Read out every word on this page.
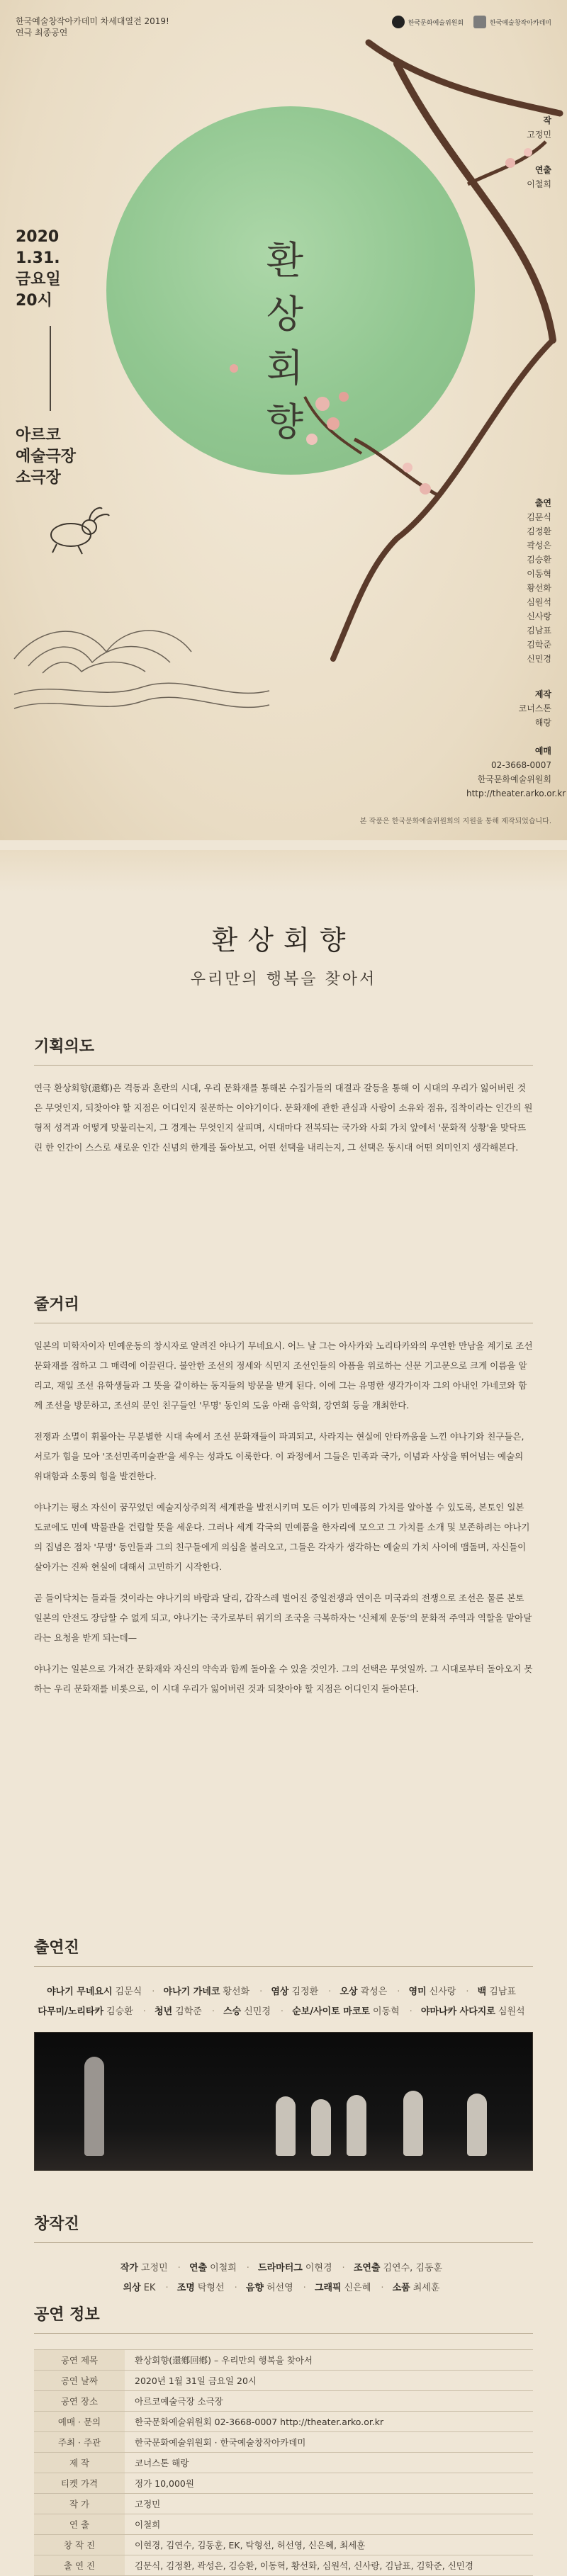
한국예술창작아카데미 차세대열전 2019!
연극 최종공연
한국문화예술위원회	한국예술창작아카데미
환
상
회
향
2020
1.31.
금요일
20시
아르코
예술극장
소극장
작
고정민
연출
이철희
출연
김문식
김정환
곽성은
김승환
이동혁
황선화
심원석
신사랑
김남표
김학준
신민경
제작
코너스톤
해랑
예매
02-3668-0007
한국문화예술위원회
http://theater.arko.or.kr
본 작품은 한국문화예술위원회의 지원을 통해 제작되었습니다.
환상회향

우리만의 행복을 찾아서

기획의도

연극 환상회향(還鄕)은 격동과 혼란의 시대, 우리 문화재를 통해본 수집가들의 대결과 갈등을 통해 이 시대의 우리가 잃어버린 것은 무엇인지, 되찾아야 할 지점은 어디인지 질문하는 이야기이다. 문화재에 관한 관심과 사랑이 소유와 점유, 집착이라는 인간의 원형적 성격과 어떻게 맞물리는지, 그 경계는 무엇인지 살피며, 시대마다 전복되는 국가와 사회 가치 앞에서 '문화적 상황'을 맞닥뜨린 한 인간이 스스로 새로운 인간 신념의 한계를 돌아보고, 어떤 선택을 내리는지, 그 선택은 동시대 어떤 의미인지 생각해본다.

줄거리

일본의 미학자이자 민예운동의 창시자로 알려진 야나기 무네요시. 어느 날 그는 아사카와 노리타카와의 우연한 만남을 계기로 조선 문화재를 접하고 그 매력에 이끌린다. 불안한 조선의 정세와 식민지 조선인들의 아픔을 위로하는 신문 기고문으로 크게 이름을 알리고, 재일 조선 유학생들과 그 뜻을 같이하는 동지들의 방문을 받게 된다. 이에 그는 유명한 생각가이자 그의 아내인 가네코와 함께 조선을 방문하고, 조선의 문인 친구들인 '무명' 동인의 도움 아래 음악회, 강연회 등을 개최한다.

전쟁과 소멸이 휘몰아는 무분별한 시대 속에서 조선 문화재들이 파괴되고, 사라지는 현실에 안타까움을 느낀 야나기와 친구들은, 서로가 힘을 모아 '조선민족미술관'을 세우는 성과도 이룩한다. 이 과정에서 그들은 민족과 국가, 이념과 사상을 뛰어넘는 예술의 위대함과 소통의 힘을 발견한다.

야나기는 평소 자신이 꿈꾸었던 예술지상주의적 세계관을 발전시키며 모든 이가 민예품의 가치를 알아볼 수 있도록, 본토인 일본 도쿄에도 민예 박물관을 건립할 뜻을 세운다. 그러나 세계 각국의 민예품을 한자리에 모으고 그 가치를 소개 및 보존하려는 야나기의 집념은 점차 '무명' 동인들과 그의 친구들에게 의심을 불러오고, 그들은 각자가 생각하는 예술의 가치 사이에 맴돌며, 자신들이 살아가는 진짜 현실에 대해서 고민하기 시작한다.

곧 들이닥치는 들과들 것이라는 야나기의 바람과 달리, 갑작스레 벌어진 중일전쟁과 연이은 미국과의 전쟁으로 조선은 물론 본토 일본의 안전도 장담할 수 없게 되고, 야나기는 국가로부터 위기의 조국을 극복하자는 '신체제 운동'의 문화적 주역과 역할을 맡아달라는 요청을 받게 되는데—

야나기는 일본으로 가져간 문화재와 자신의 약속과 함께 돌아올 수 있을 것인가. 그의 선택은 무엇일까. 그 시대로부터 돌아오지 못하는 우리 문화재를 비롯으로, 이 시대 우리가 잃어버린 것과 되찾아야 할 지점은 어디인지 돌아본다.

출연진
야나기 무네요시 김문식 · 야나기 가네코 황선화 · 염상 김정환 · 오상 곽성은 · 영미 신사랑 · 백 김남표
다무미/노리타카 김승환 · 청년 김학준 · 스승 신민경 · 순보/사이토 마코토 이동혁 · 야마나카 사다지로 심원석
창작진
작가 고정민 · 연출 이철희 · 드라마터그 이현경 · 조연출 김연수, 김동훈
의상 EK · 조명 탁형선 · 음향 허선영 · 그래픽 신은혜 · 소품 최세훈
공연 정보
공연 제목	환상회향(還鄕回鄕) – 우리만의 행복을 찾아서
공연 날짜	2020년 1월 31일 금요일 20시
공연 장소	아르코예술극장 소극장
예매 · 문의	한국문화예술위원회 02-3668-0007 http://theater.arko.or.kr
주최 · 주관	한국문화예술위원회 · 한국예술창작아카데미
제 작	코너스톤 해랑
티켓 가격	정가 10,000원
작 가	고정민
연 출	이철희
창 작 진	이현경, 김연수, 김동훈, EK, 탁형선, 허선영, 신은혜, 최세훈
출 연 진	김문식, 김정환, 곽성은, 김승환, 이동혁, 황선화, 심원석, 신사랑, 김남표, 김학준, 신민경
